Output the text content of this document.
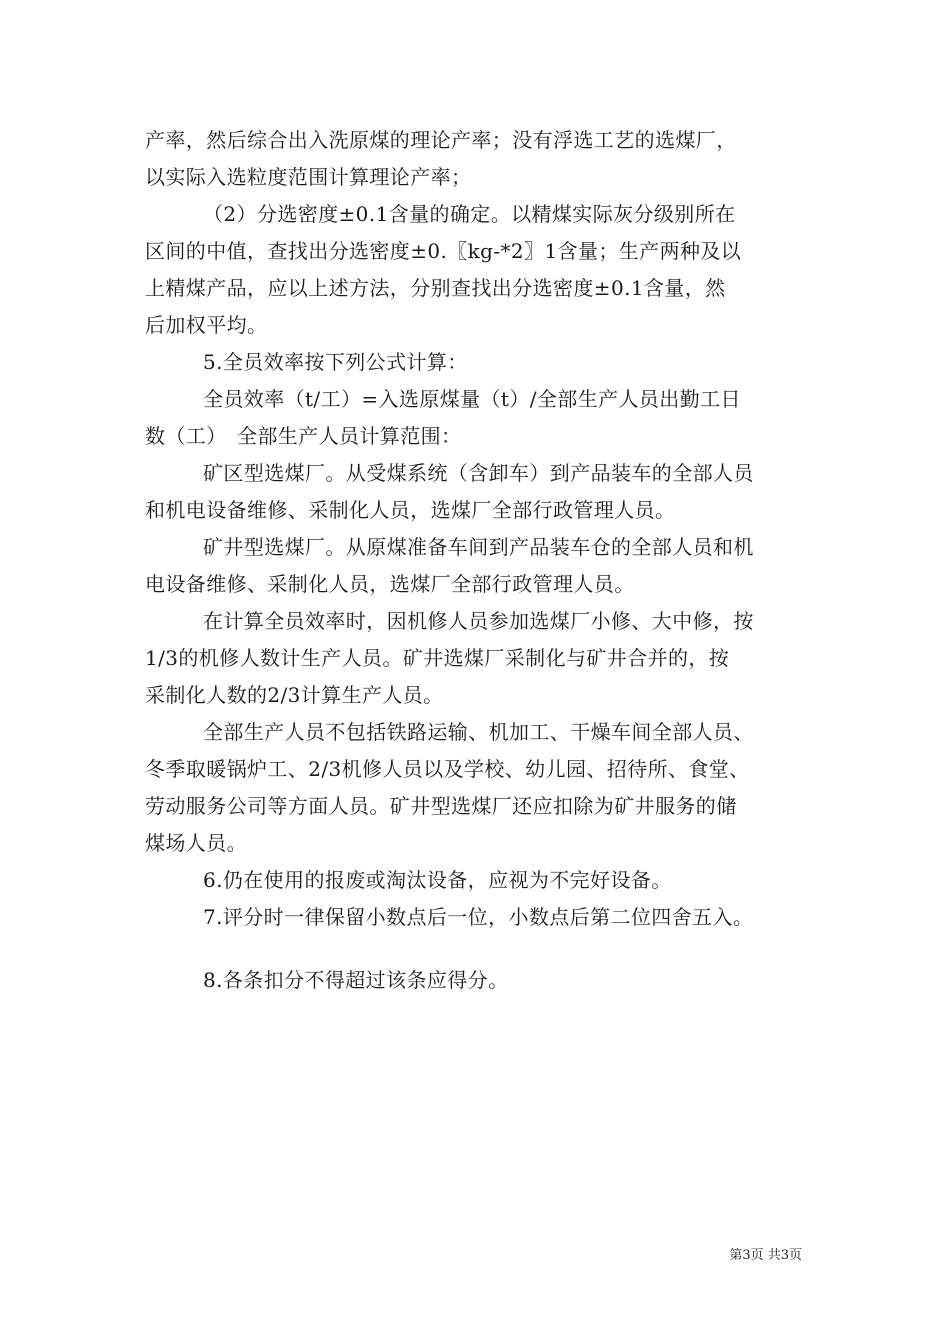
产率，然后综合出入洗原煤的理论产率；没有浮选工艺的选煤厂，
以实际入选粒度范围计算理论产率；
（2）分选密度±0.1含量的确定。以精煤实际灰分级别所在
区间的中值，查找出分选密度±0.〖kg-*2〗1含量；生产两种及以
上精煤产品，应以上述方法，分别查找出分选密度±0.1含量，然
后加权平均。
5.全员效率按下列公式计算：
全员效率（t/工）=入选原煤量（t）/全部生产人员出勤工日
数（工）　全部生产人员计算范围：
矿区型选煤厂。从受煤系统（含卸车）到产品装车的全部人员
和机电设备维修、采制化人员，选煤厂全部行政管理人员。
矿井型选煤厂。从原煤准备车间到产品装车仓的全部人员和机
电设备维修、采制化人员，选煤厂全部行政管理人员。
在计算全员效率时，因机修人员参加选煤厂小修、大中修，按
1/3的机修人数计生产人员。矿井选煤厂采制化与矿井合并的，按
采制化人数的2/3计算生产人员。
全部生产人员不包括铁路运输、机加工、干燥车间全部人员、
冬季取暖锅炉工、2/3机修人员以及学校、幼儿园、招待所、食堂、
劳动服务公司等方面人员。矿井型选煤厂还应扣除为矿井服务的储
煤场人员。
6.仍在使用的报废或淘汰设备，应视为不完好设备。
7.评分时一律保留小数点后一位，小数点后第二位四舍五入。
8.各条扣分不得超过该条应得分。
第3页 共3页
